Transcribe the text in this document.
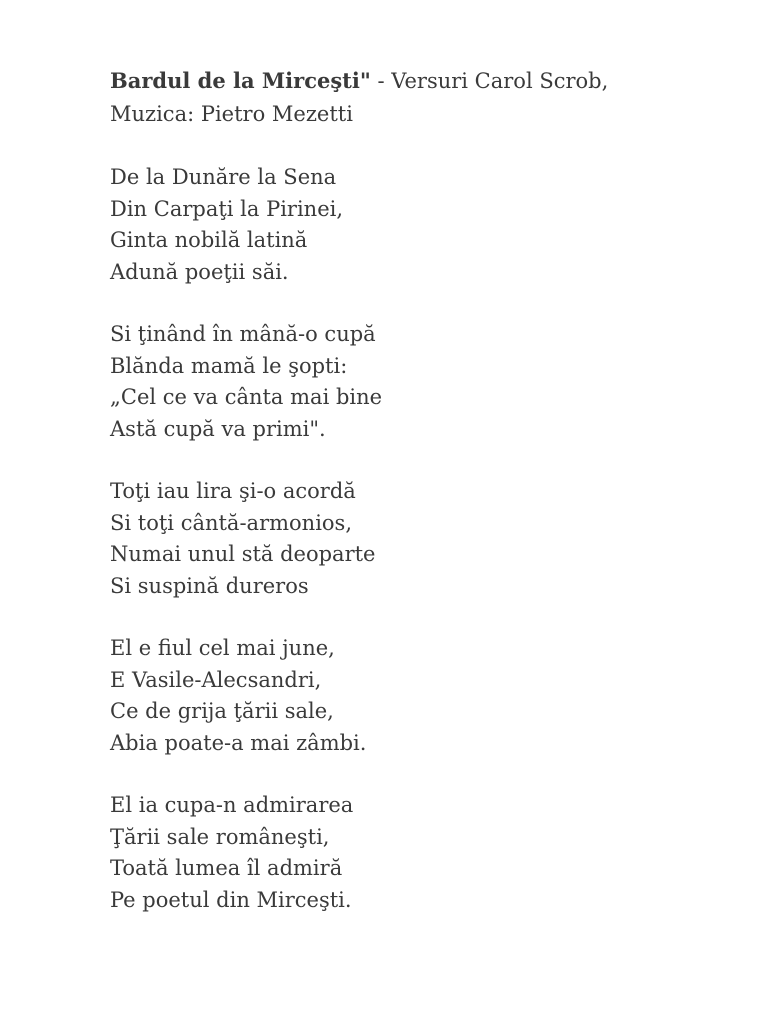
Bardul de la Mirceşti" - Versuri Carol Scrob,
Muzica: Pietro Mezetti

De la Dunăre la Sena
Din Carpaţi la Pirinei,
Ginta nobilă latină
Adună poeţii săi.
Si ţinând în mână-o cupă
Blănda mamă le şopti:
„Cel ce va cânta mai bine
Astă cupă va primi".
Toţi iau lira şi-o acordă
Si toţi cântă-armonios,
Numai unul stă deoparte
Si suspină dureros
El e fiul cel mai june,
E Vasile-Alecsandri,
Ce de grija ţării sale,
Abia poate-a mai zâmbi.
El ia cupa-n admirarea
Ţării sale româneşti,
Toată lumea îl admiră
Pe poetul din Mirceşti.
